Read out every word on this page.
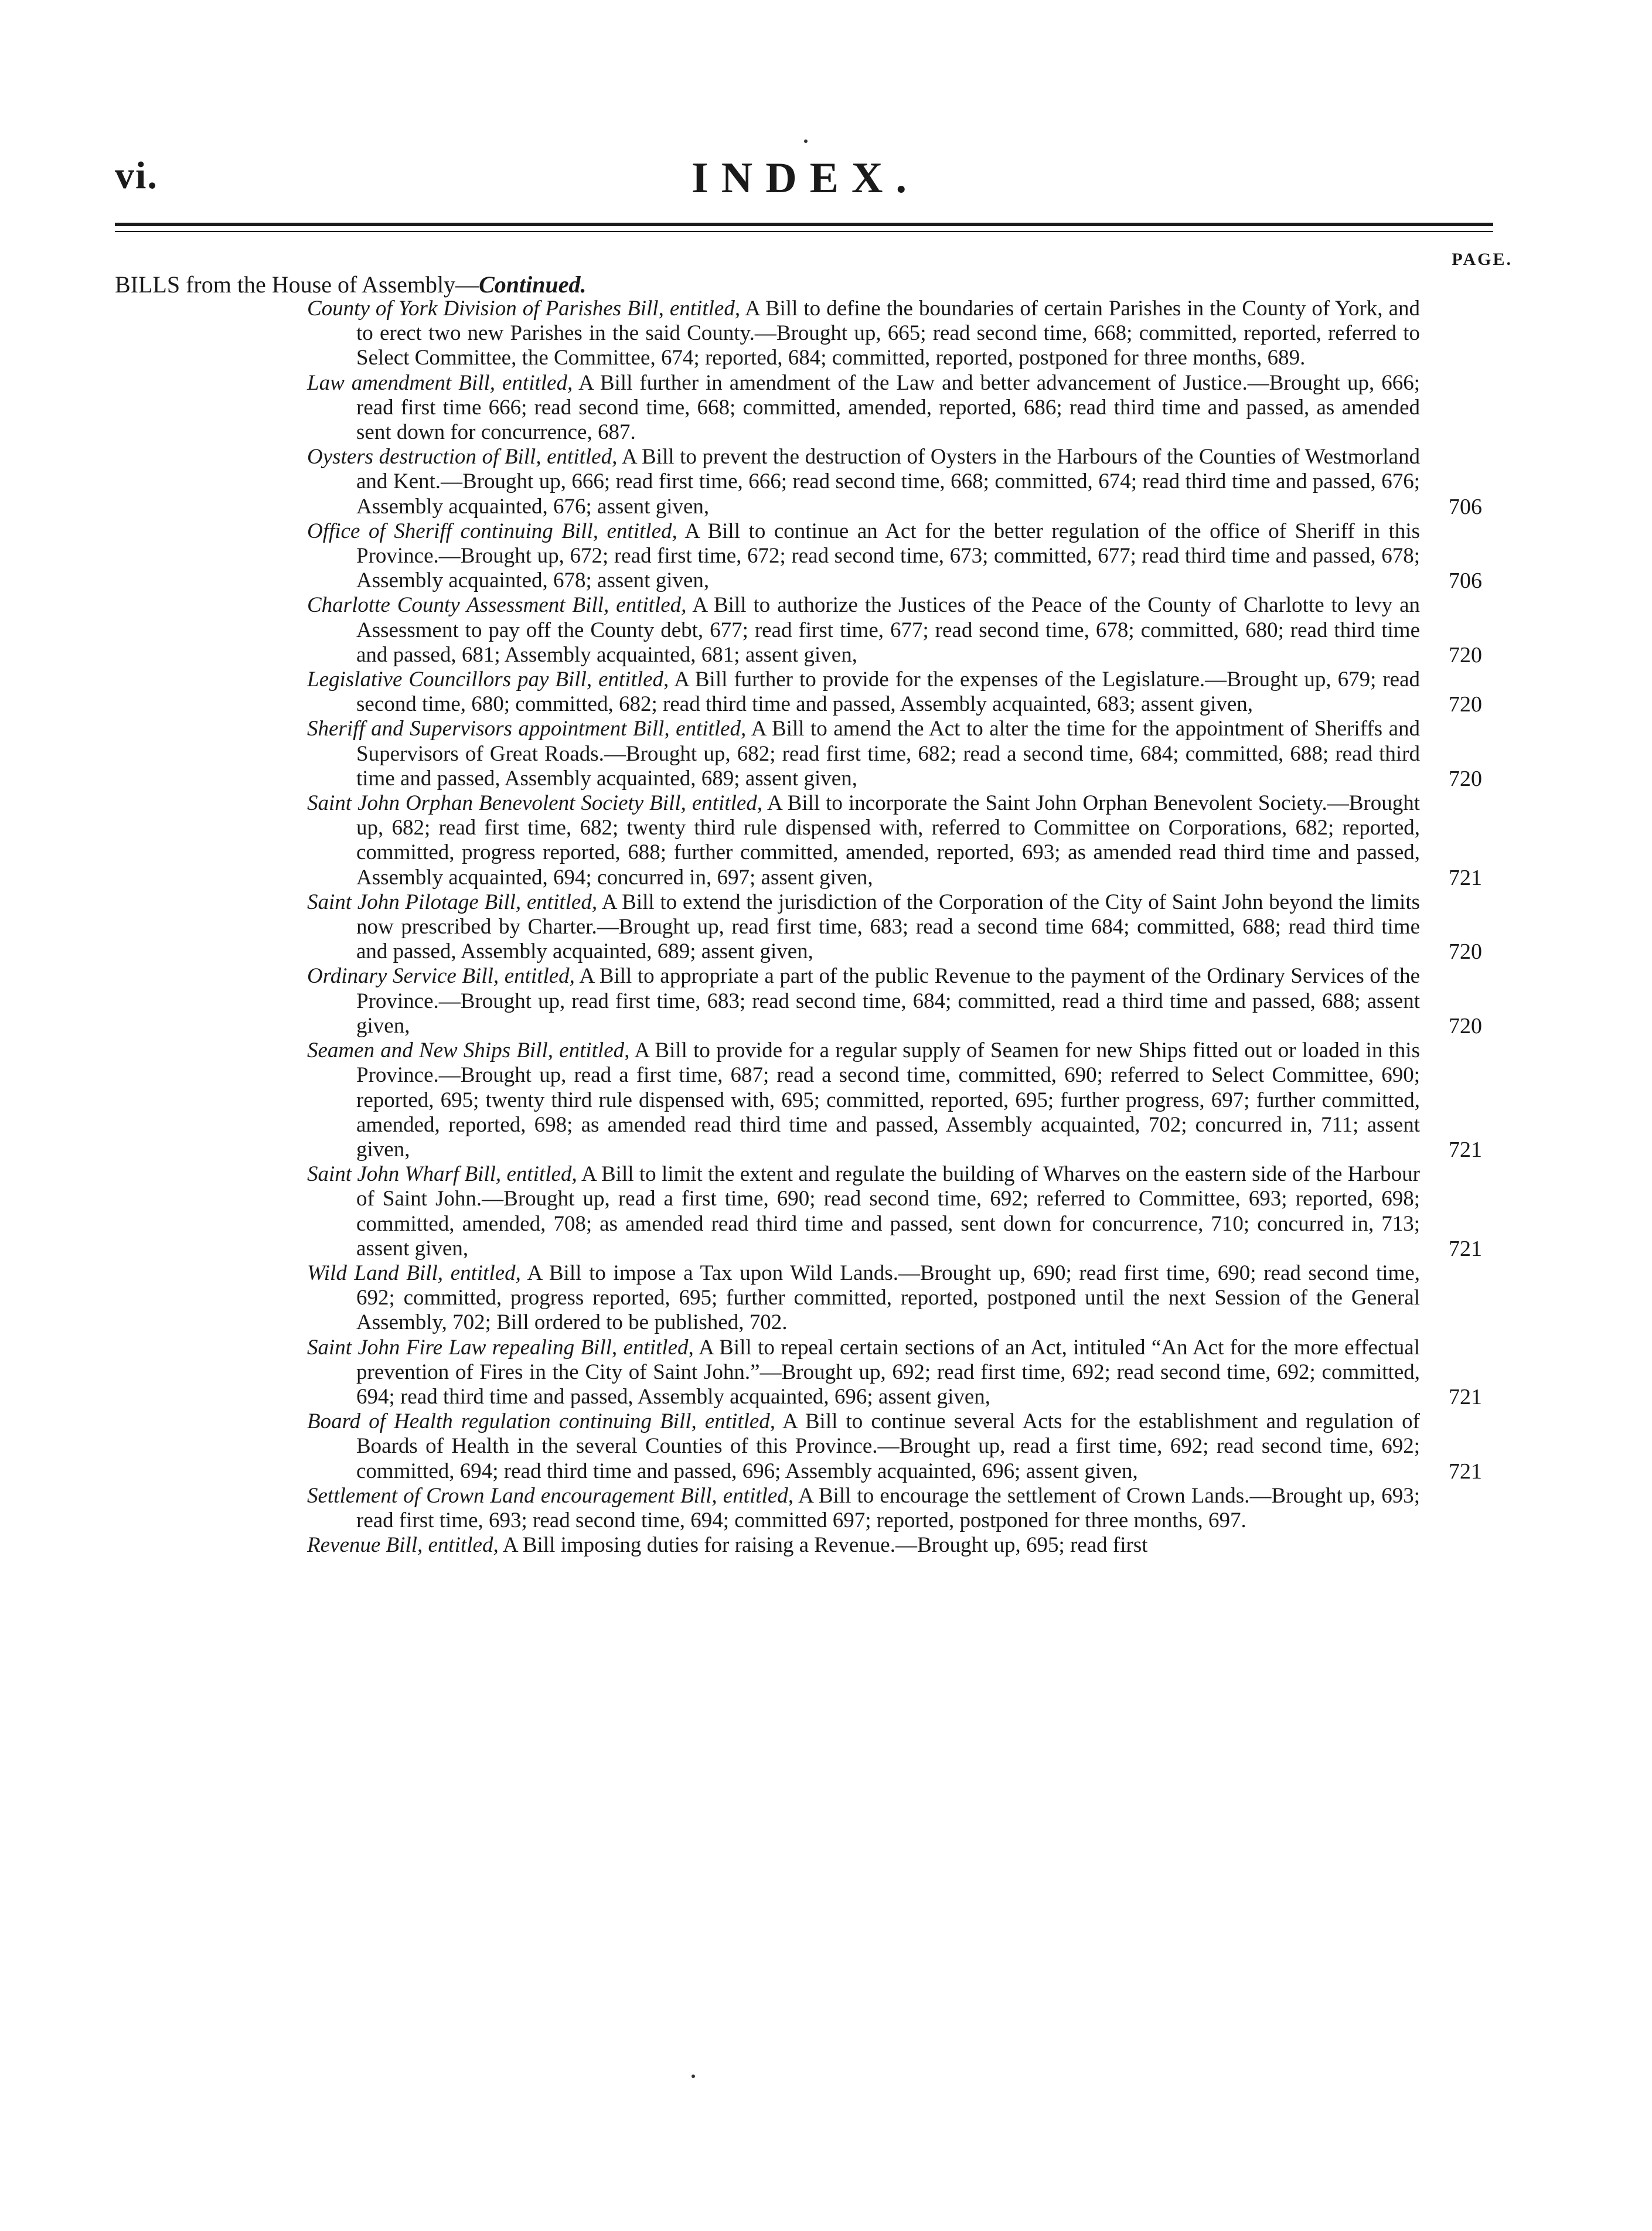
vi.	INDEX.
PAGE.
BILLS from the House of Assembly—Continued.
County of York Division of Parishes Bill, entitled, A Bill to define the boundaries of certain Parishes in the County of York, and to erect two new Parishes in the said County.—Brought up, 665; read second time, 668; committed, reported, referred to Select Committee, the Committee, 674; reported, 684; committed, reported, postponed for three months, 689.
Law amendment Bill, entitled, A Bill further in amendment of the Law and better advancement of Justice.—Brought up, 666; read first time 666; read second time, 668; committed, amended, reported, 686; read third time and passed, as amended sent down for concurrence, 687.
Oysters destruction of Bill, entitled, A Bill to prevent the destruction of Oysters in the Harbours of the Counties of Westmorland and Kent.—Brought up, 666; read first time, 666; read second time, 668; committed, 674; read third time and passed, 676; Assembly acquainted, 676; assent given,	706
Office of Sheriff continuing Bill, entitled, A Bill to continue an Act for the better regulation of the office of Sheriff in this Province.—Brought up, 672; read first time, 672; read second time, 673; committed, 677; read third time and passed, 678; Assembly acquainted, 678; assent given,	706
Charlotte County Assessment Bill, entitled, A Bill to authorize the Justices of the Peace of the County of Charlotte to levy an Assessment to pay off the County debt, 677; read first time, 677; read second time, 678; committed, 680; read third time and passed, 681; Assembly acquainted, 681; assent given,	720
Legislative Councillors pay Bill, entitled, A Bill further to provide for the expenses of the Legislature.—Brought up, 679; read second time, 680; committed, 682; read third time and passed, Assembly acquainted, 683; assent given,	720
Sheriff and Supervisors appointment Bill, entitled, A Bill to amend the Act to alter the time for the appointment of Sheriffs and Supervisors of Great Roads.—Brought up, 682; read first time, 682; read a second time, 684; committed, 688; read third time and passed, Assembly acquainted, 689; assent given,	720
Saint John Orphan Benevolent Society Bill, entitled, A Bill to incorporate the Saint John Orphan Benevolent Society.—Brought up, 682; read first time, 682; twenty third rule dispensed with, referred to Committee on Corporations, 682; reported, committed, progress reported, 688; further committed, amended, reported, 693; as amended read third time and passed, Assembly acquainted, 694; concurred in, 697; assent given,	721
Saint John Pilotage Bill, entitled, A Bill to extend the jurisdiction of the Corporation of the City of Saint John beyond the limits now prescribed by Charter.—Brought up, read first time, 683; read a second time 684; committed, 688; read third time and passed, Assembly acquainted, 689; assent given,	720
Ordinary Service Bill, entitled, A Bill to appropriate a part of the public Revenue to the payment of the Ordinary Services of the Province.—Brought up, read first time, 683; read second time, 684; committed, read a third time and passed, 688; assent given,	720
Seamen and New Ships Bill, entitled, A Bill to provide for a regular supply of Seamen for new Ships fitted out or loaded in this Province.—Brought up, read a first time, 687; read a second time, committed, 690; referred to Select Committee, 690; reported, 695; twenty third rule dispensed with, 695; committed, reported, 695; further progress, 697; further committed, amended, reported, 698; as amended read third time and passed, Assembly acquainted, 702; concurred in, 711; assent given,	721
Saint John Wharf Bill, entitled, A Bill to limit the extent and regulate the building of Wharves on the eastern side of the Harbour of Saint John.—Brought up, read a first time, 690; read second time, 692; referred to Committee, 693; reported, 698; committed, amended, 708; as amended read third time and passed, sent down for concurrence, 710; concurred in, 713; assent given,	721
Wild Land Bill, entitled, A Bill to impose a Tax upon Wild Lands.—Brought up, 690; read first time, 690; read second time, 692; committed, progress reported, 695; further committed, reported, postponed until the next Session of the General Assembly, 702; Bill ordered to be published, 702.
Saint John Fire Law repealing Bill, entitled, A Bill to repeal certain sections of an Act, intituled “An Act for the more effectual prevention of Fires in the City of Saint John.”—Brought up, 692; read first time, 692; read second time, 692; committed, 694; read third time and passed, Assembly acquainted, 696; assent given,	721
Board of Health regulation continuing Bill, entitled, A Bill to continue several Acts for the establishment and regulation of Boards of Health in the several Counties of this Province.—Brought up, read a first time, 692; read second time, 692; committed, 694; read third time and passed, 696; Assembly acquainted, 696; assent given,	721
Settlement of Crown Land encouragement Bill, entitled, A Bill to encourage the settlement of Crown Lands.—Brought up, 693; read first time, 693; read second time, 694; committed 697; reported, postponed for three months, 697.
Revenue Bill, entitled, A Bill imposing duties for raising a Revenue.—Brought up, 695; read first
